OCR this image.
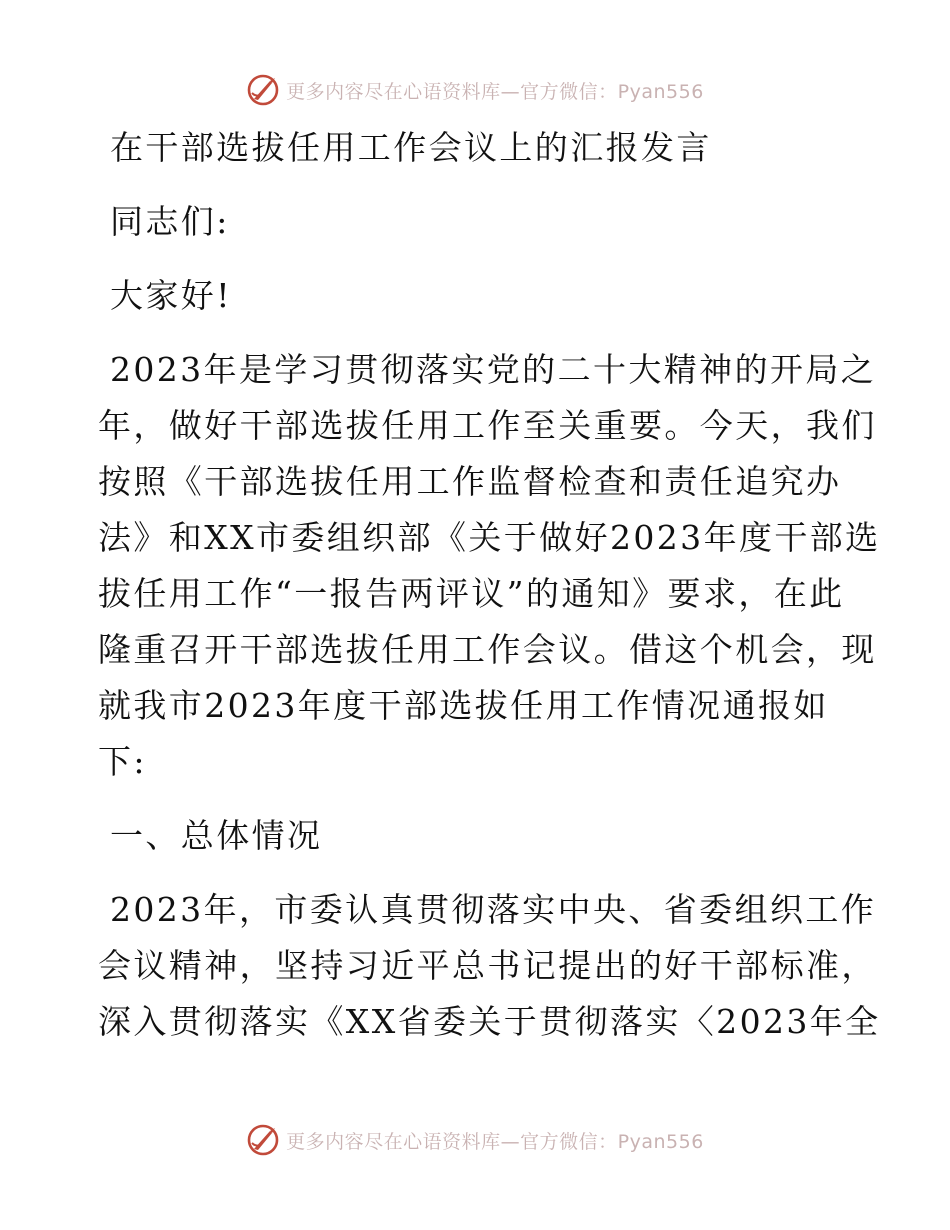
更多内容尽在心语资料库—官方微信：Pyan556
在干部选拔任用工作会议上的汇报发言
同志们:
大家好!
2023年是学习贯彻落实党的二十大精神的开局之
年，做好干部选拔任用工作至关重要。今天，我们
按照《干部选拔任用工作监督检查和责任追究办
法》和XX市委组织部《关于做好2023年度干部选
拔任用工作“一报告两评议”的通知》要求，在此
隆重召开干部选拔任用工作会议。借这个机会，现
就我市2023年度干部选拔任用工作情况通报如
下:
一、总体情况
2023年，市委认真贯彻落实中央、省委组织工作
会议精神，坚持习近平总书记提出的好干部标准，
深入贯彻落实《XX省委关于贯彻落实〈2023年全
更多内容尽在心语资料库—官方微信：Pyan556
